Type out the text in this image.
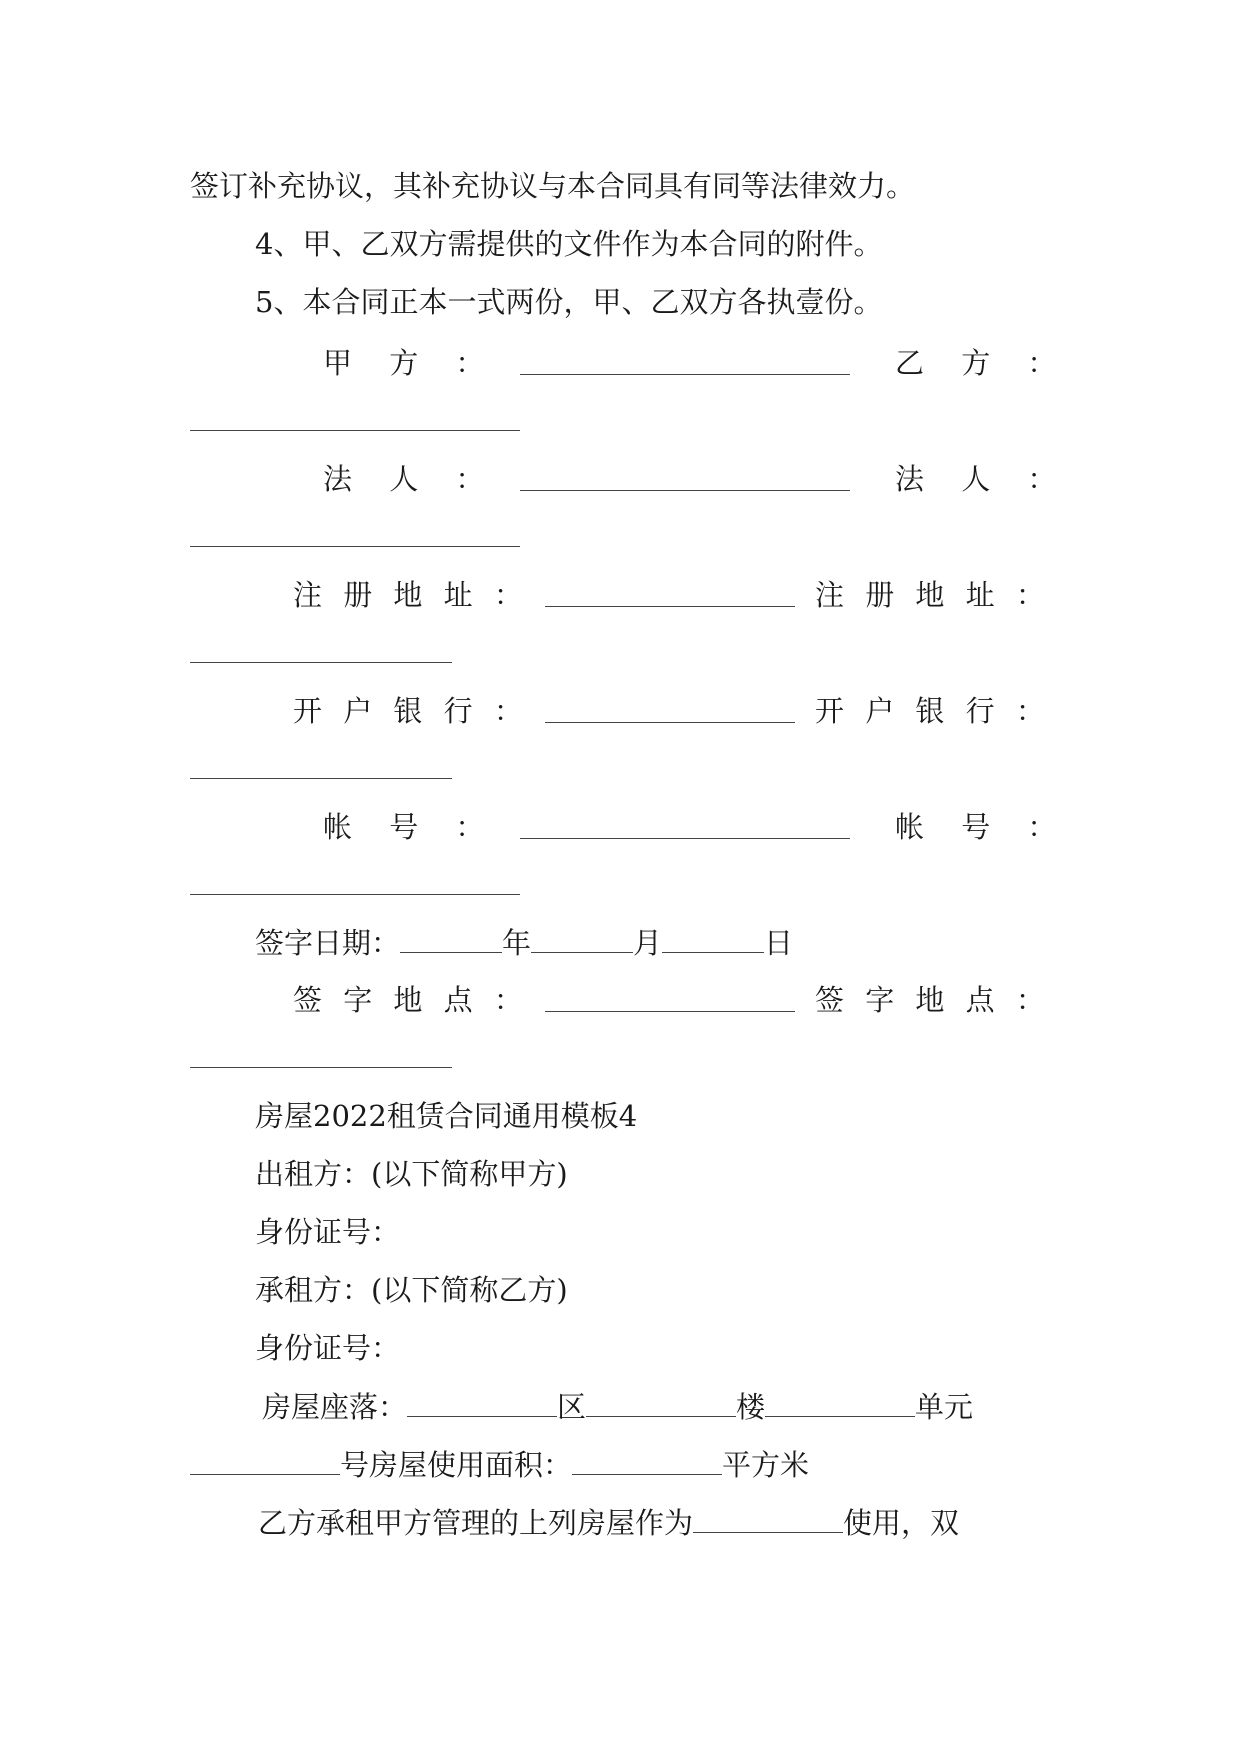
签订补充协议，其补充协议与本合同具有同等法律效力。
4、甲、乙双方需提供的文件作为本合同的附件。
5、本合同正本一式两份，甲、乙双方各执壹份。
甲 方 ：	乙 方 ：
法 人 ：	法 人 ：
注 册 地 址 ：	注 册 地 址 ：
开 户 银 行 ：	开 户 银 行 ：
帐 号 ：	帐 号 ：
签字日期：	年	月	日
签 字 地 点 ：	签 字 地 点 ：
房屋2022租赁合同通用模板4
出租方：(以下简称甲方)
身份证号：
承租方：(以下简称乙方)
身份证号：
房屋座落：	区	楼	单元
号房屋使用面积：	平方米
乙方承租甲方管理的上列房屋作为	使用，双
